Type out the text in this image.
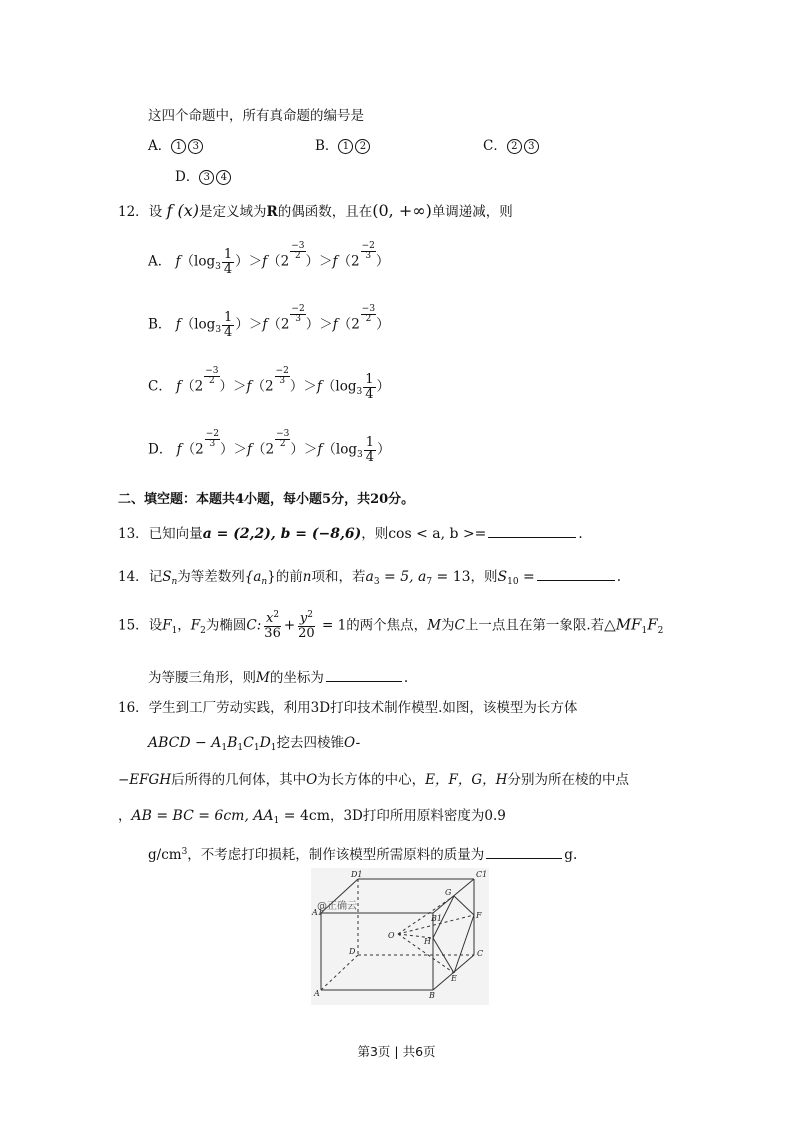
这四个命题中，所有真命题的编号是
A． 1 3	B． 1 2	C． 2 3
D． 3 4
12．设 f (x)是定义域为R的偶函数，且在(0, +∞)单调递减，则
A． $f(\log_3 \frac{1}{4} )>f(2$
$\frac{-3}{2}$
）＞f（2
$\frac{-2}{3}$
）
B． $f(\log_3 \frac{1}{4} )>f(2$
$\frac{-2}{3}$
）＞f（2
$\frac{-3}{2}$
）
C． f（2
$\frac{-3}{2}$
）＞f（2
$\frac{-2}{3}$
）$>f(\log_3 \frac{1}{4}$ ）
D． f（2
$\frac{-2}{3}$
）＞f（2
$\frac{-3}{2}$
）$>f(\log_3 \frac{1}{4}$ ）
二、填空题：本题共4小题，每小题5分，共20分。
13．已知向量a = (2,2), b = (−8,6)，则cos < a, b >=	.
14．记$S_n$为等差数列$\{a_n\}$的前n项和，若$a_3 = 5$, $a_7 = 13$，则$S_{10}$ =	.
15．设$F_1$，$F_2$为椭圆C: $\frac{x^2}{36} + \frac{y^2}{20} = 1$的两个焦点，M为C上一点且在第一象限.若$\triangle MF_1F_2$
为等腰三角形，则M的坐标为	.
16．学生到工厂劳动实践，利用3D打印技术制作模型.如图，该模型为长方体
ABCD − $A_1B_1C_1D_1$挖去四棱锥O-
−EFGH后所得的几何体，其中O为长方体的中心，E，F，G，H分别为所在棱的中点
，AB = BC = 6cm, $AA_1 = 4cm$，3D打印所用原料密度为0.9
$g/cm^3$，不考虑打印损耗，制作该模型所需原料的质量为	g.
D1	C1
A1
G
B1	F
O
H
D	C
E
A	B
@正确云
第3页 | 共6页
